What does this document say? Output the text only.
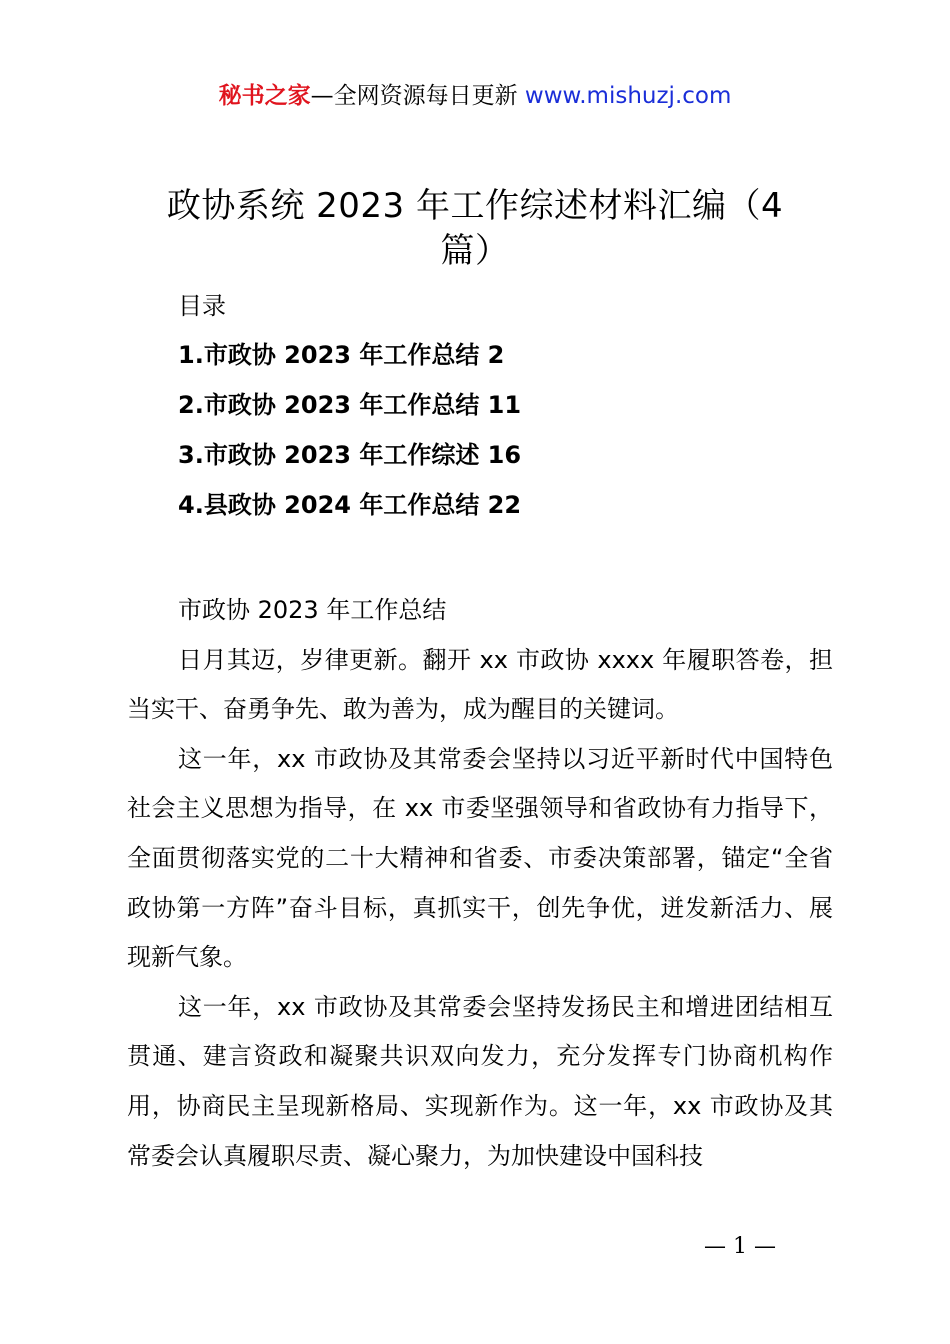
秘书之家—全网资源每日更新 www.mishuzj.com
政协系统 2023 年工作综述材料汇编（4 篇）
目录
1.市政协 2023 年工作总结 2
2.市政协 2023 年工作总结 11
3.市政协 2023 年工作综述 16
4.县政协 2024 年工作总结 22

市政协 2023 年工作总结

日月其迈，岁律更新。翻开 xx 市政协 xxxx 年履职答卷，担当实干、奋勇争先、敢为善为，成为醒目的关键词。

这一年，xx 市政协及其常委会坚持以习近平新时代中国特色社会主义思想为指导，在 xx 市委坚强领导和省政协有力指导下，全面贯彻落实党的二十大精神和省委、市委决策部署，锚定“全省政协第一方阵”奋斗目标，真抓实干，创先争优，迸发新活力、展现新气象。

这一年，xx 市政协及其常委会坚持发扬民主和增进团结相互贯通、建言资政和凝聚共识双向发力，充分发挥专门协商机构作用，协商民主呈现新格局、实现新作为。这一年，xx 市政协及其常委会认真履职尽责、凝心聚力，为加快建设中国科技

— 1 —
